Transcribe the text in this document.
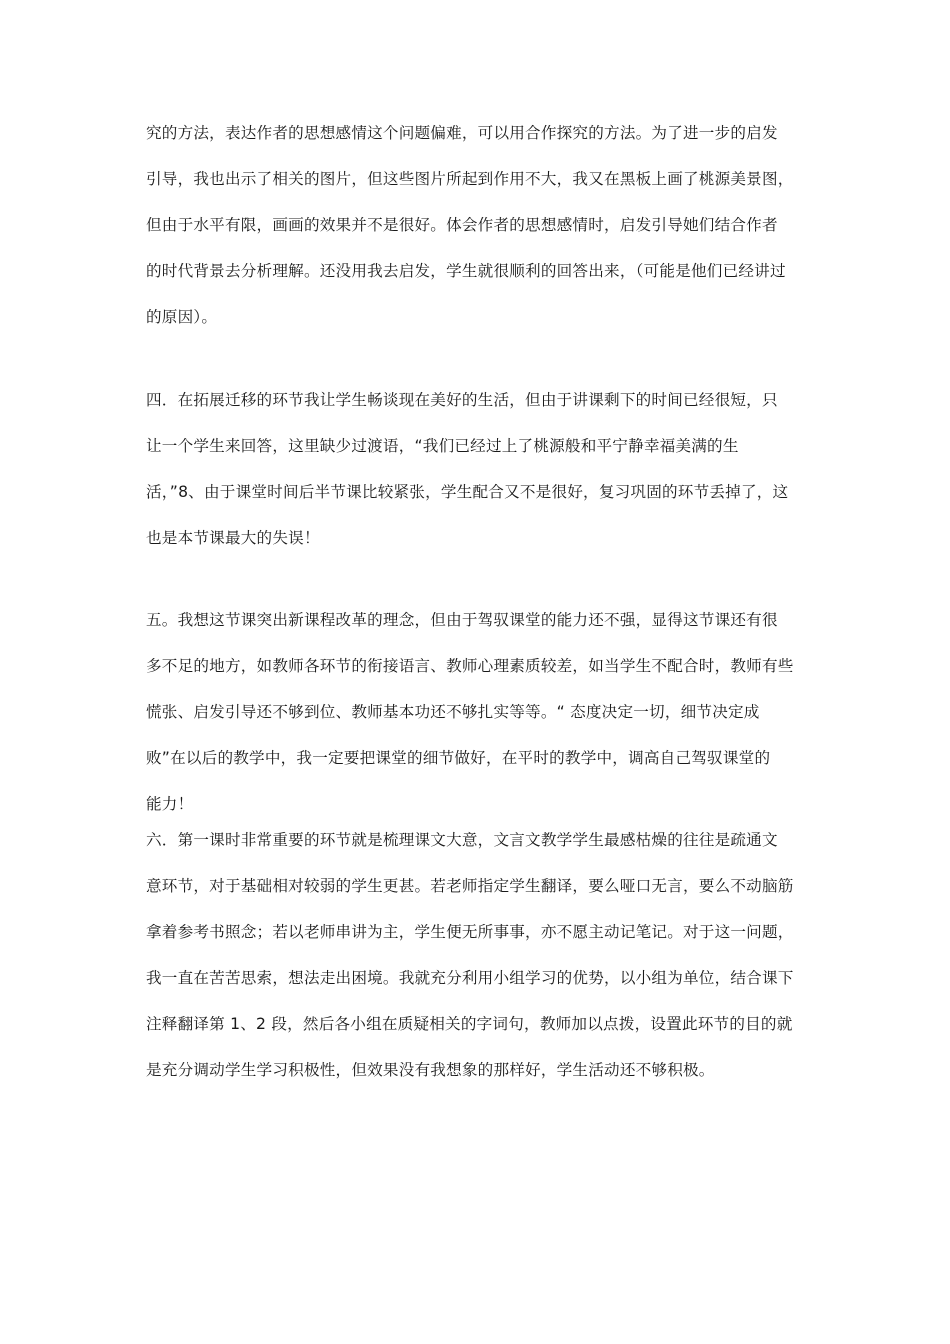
究的方法，表达作者的思想感情这个问题偏难，可以用合作探究的方法。为了进一步的启发
引导，我也出示了相关的图片，但这些图片所起到作用不大，我又在黑板上画了桃源美景图，
但由于水平有限，画画的效果并不是很好。体会作者的思想感情时，启发引导她们结合作者
的时代背景去分析理解。还没用我去启发，学生就很顺利的回答出来，（可能是他们已经讲过
的原因）。
四．在拓展迁移的环节我让学生畅谈现在美好的生活，但由于讲课剩下的时间已经很短，只
让一个学生来回答，这里缺少过渡语，“我们已经过上了桃源般和平宁静幸福美满的生
活，”8、由于课堂时间后半节课比较紧张，学生配合又不是很好，复习巩固的环节丢掉了，这
也是本节课最大的失误！
五。我想这节课突出新课程改革的理念，但由于驾驭课堂的能力还不强，显得这节课还有很
多不足的地方，如教师各环节的衔接语言、教师心理素质较差，如当学生不配合时，教师有些
慌张、启发引导还不够到位、教师基本功还不够扎实等等。“ 态度决定一切，细节决定成
败”在以后的教学中，我一定要把课堂的细节做好，在平时的教学中，调高自己驾驭课堂的
能力！
六．第一课时非常重要的环节就是梳理课文大意，文言文教学学生最感枯燥的往往是疏通文
意环节，对于基础相对较弱的学生更甚。若老师指定学生翻译，要么哑口无言，要么不动脑筋
拿着参考书照念；若以老师串讲为主，学生便无所事事，亦不愿主动记笔记。对于这一问题，
我一直在苦苦思索，想法走出困境。我就充分利用小组学习的优势，以小组为单位，结合课下
注释翻译第 1、2 段，然后各小组在质疑相关的字词句，教师加以点拨，设置此环节的目的就
是充分调动学生学习积极性，但效果没有我想象的那样好，学生活动还不够积极。
